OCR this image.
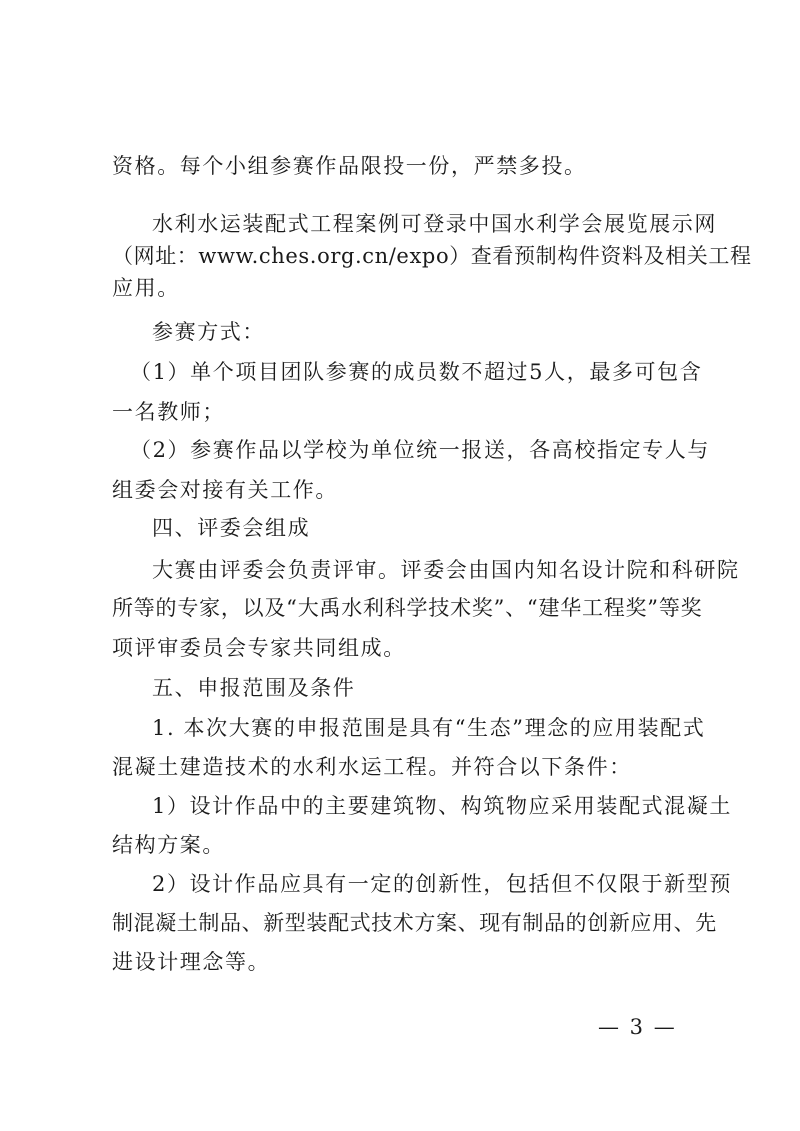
资格。每个小组参赛作品限投一份，严禁多投。
水利水运装配式工程案例可登录中国水利学会展览展示网
（网址：www.ches.org.cn/expo）查看预制构件资料及相关工程
应用。
参赛方式：
（1）单个项目团队参赛的成员数不超过5人，最多可包含
一名教师；
（2）参赛作品以学校为单位统一报送，各高校指定专人与
组委会对接有关工作。
四、评委会组成
大赛由评委会负责评审。评委会由国内知名设计院和科研院
所等的专家，以及“大禹水利科学技术奖”、“建华工程奖”等奖
项评审委员会专家共同组成。
五、申报范围及条件
1. 本次大赛的申报范围是具有“生态”理念的应用装配式
混凝土建造技术的水利水运工程。并符合以下条件：
1）设计作品中的主要建筑物、构筑物应采用装配式混凝土
结构方案。
2）设计作品应具有一定的创新性，包括但不仅限于新型预
制混凝土制品、新型装配式技术方案、现有制品的创新应用、先
进设计理念等。
— 3 —
